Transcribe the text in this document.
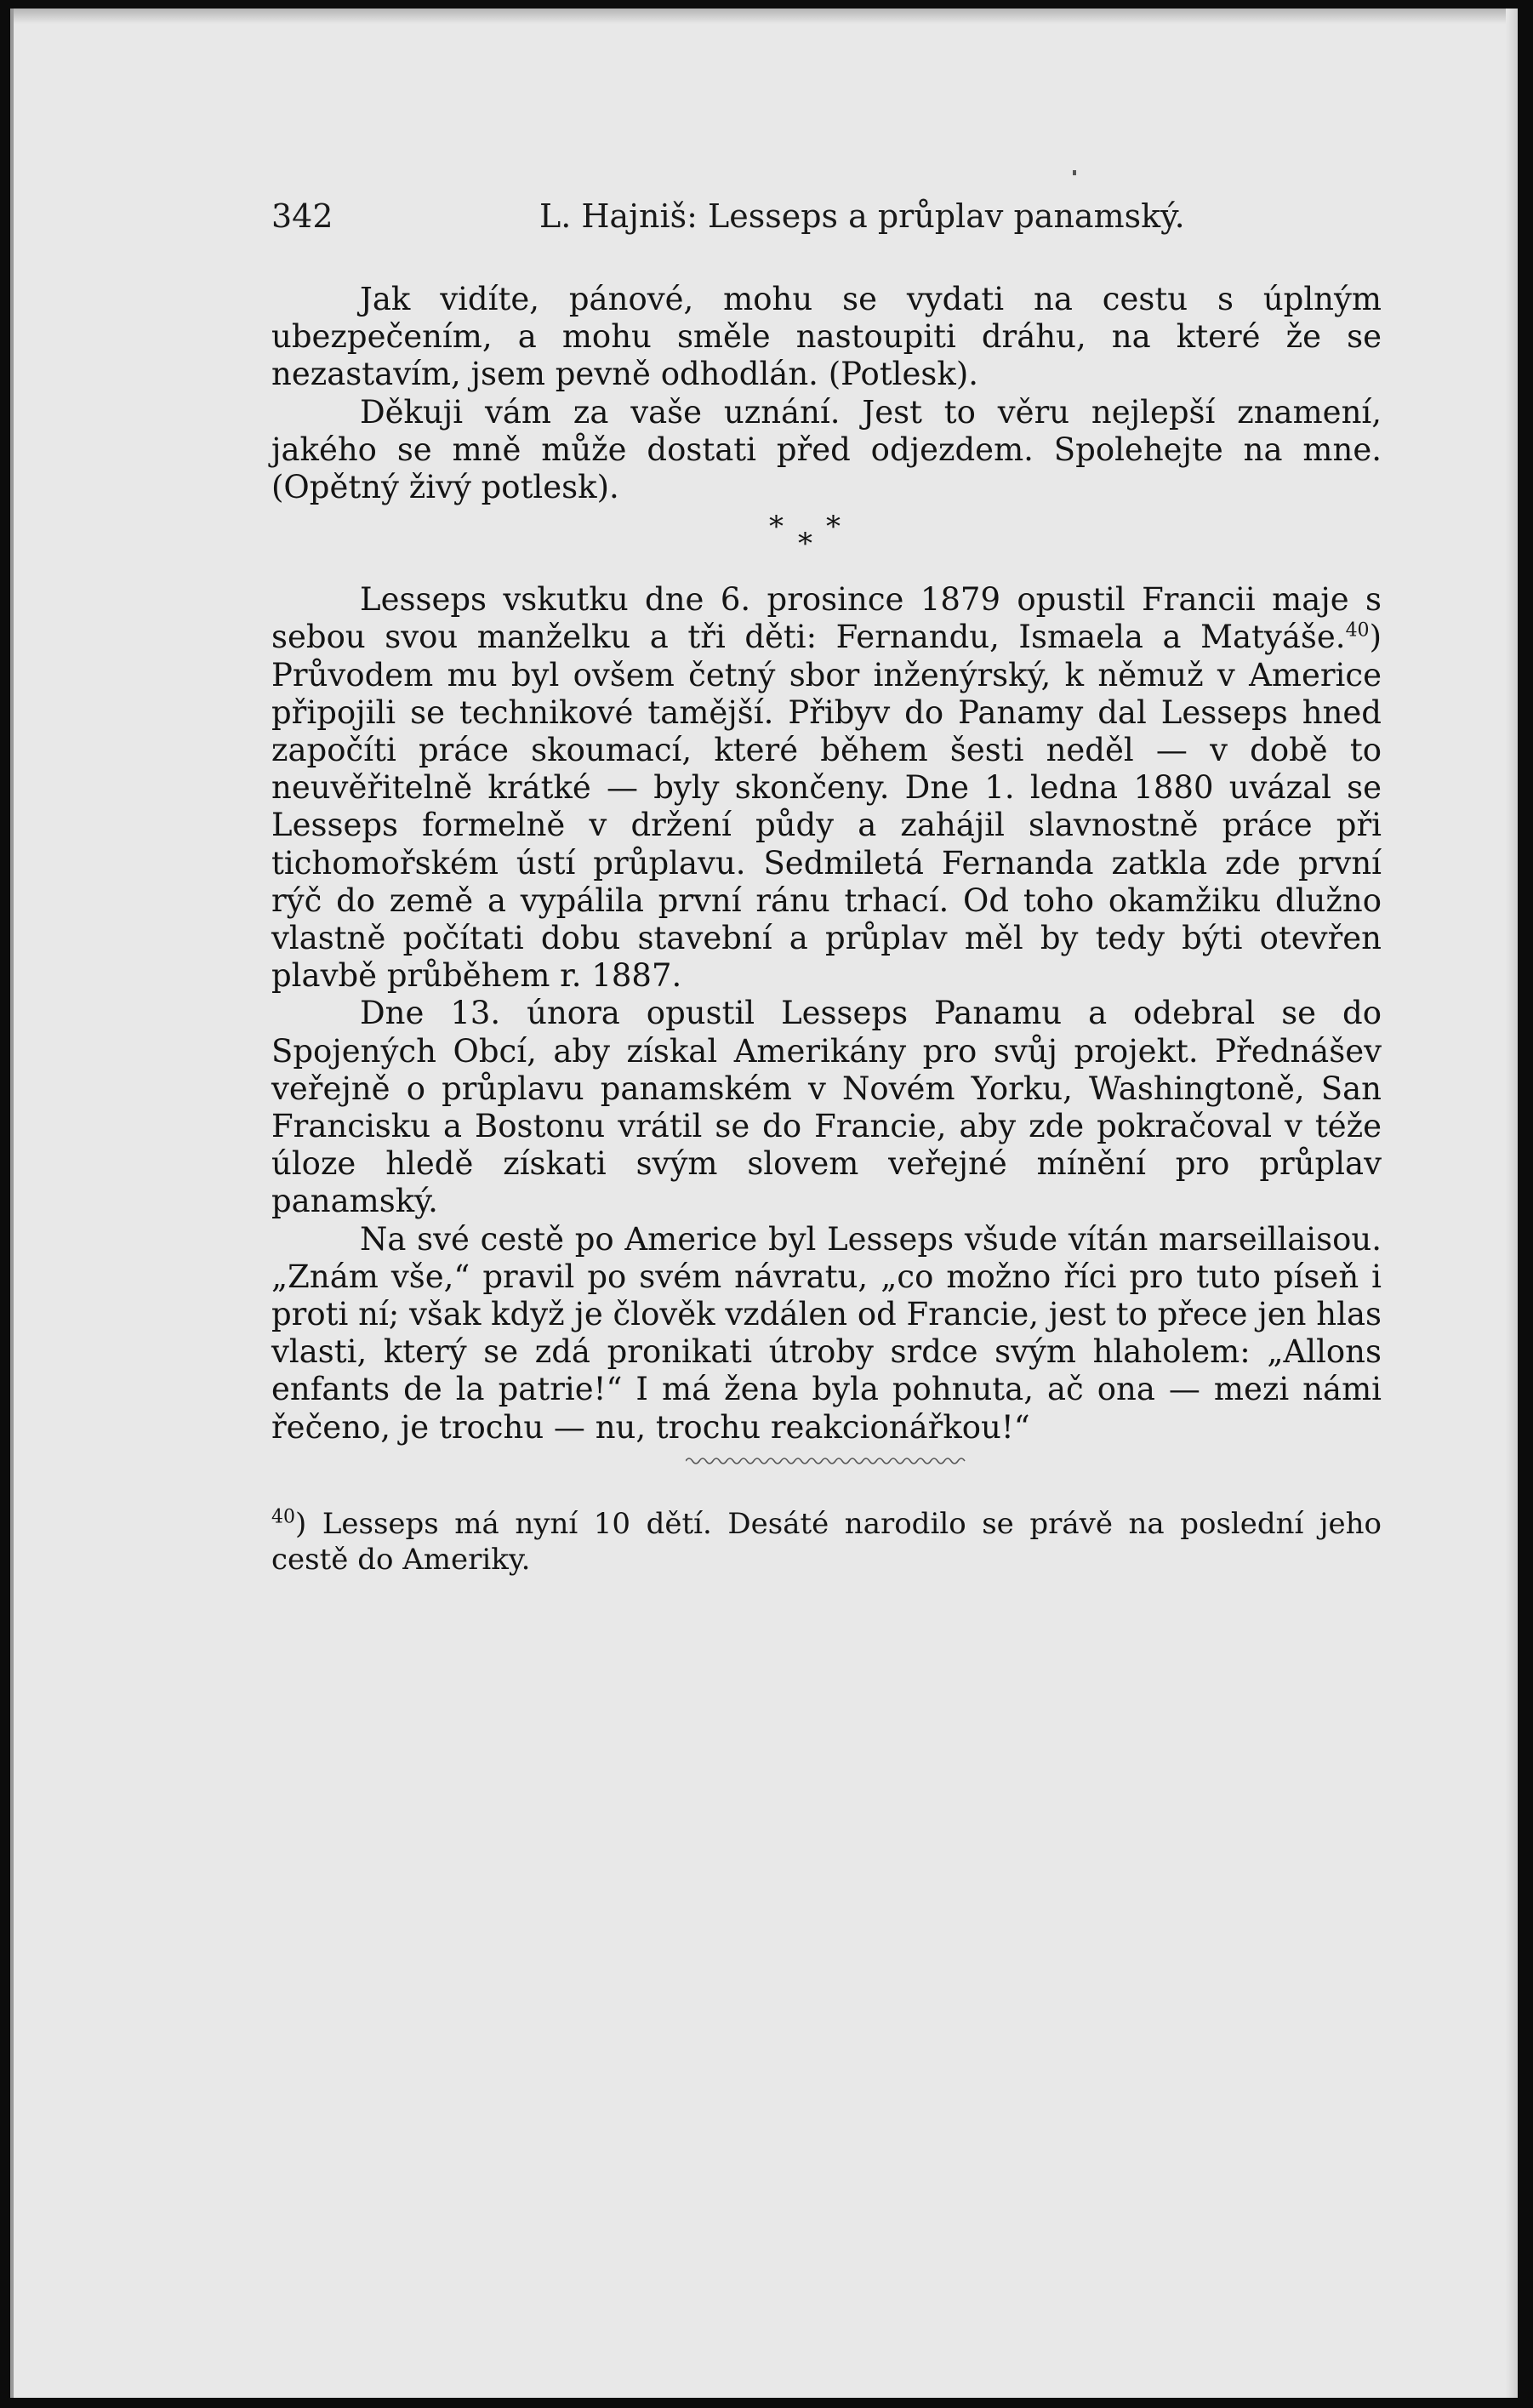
342	L. Hajniš: Lesseps a průplav panamský.

Jak vidíte, pánové, mohu se vydati na cestu s úplným ubezpečením, a mohu směle nastoupiti dráhu, na které že se nezastavím, jsem pevně odhodlán. (Potlesk).

Děkuji vám za vaše uznání. Jest to věru nejlepší znamení, jakého se mně může dostati před odjezdem. Spolehejte na mne. (Opětný živý potlesk).

* *
*

Lesseps vskutku dne 6. prosince 1879 opustil Francii maje s sebou svou manželku a tři děti: Fernandu, Ismaela a Matyáše.$^{40}$) Průvodem mu byl ovšem četný sbor inženýrský, k němuž v Americe připojili se technikové tamější. Přibyv do Panamy dal Lesseps hned započíti práce skoumací, které během šesti neděl — v době to neuvěřitelně krátké — byly skončeny. Dne 1. ledna 1880 uvázal se Lesseps formelně v držení půdy a zahájil slavnostně práce při tichomořském ústí průplavu. Sedmiletá Fernanda zatkla zde první rýč do země a vypálila první ránu trhací. Od toho okamžiku dlužno vlastně počítati dobu stavební a průplav měl by tedy býti otevřen plavbě průběhem r. 1887.

Dne 13. února opustil Lesseps Panamu a odebral se do Spojených Obcí, aby získal Amerikány pro svůj projekt. Přednášev veřejně o průplavu panamském v Novém Yorku, Washingtoně, San Francisku a Bostonu vrátil se do Francie, aby zde pokračoval v téže úloze hledě získati svým slovem veřejné mínění pro průplav panamský.

Na své cestě po Americe byl Lesseps všude vítán marseillaisou. „Znám vše,“ pravil po svém návratu, „co možno říci pro tuto píseň i proti ní; však když je člověk vzdálen od Francie, jest to přece jen hlas vlasti, který se zdá pronikati útroby srdce svým hlaholem: „Allons enfants de la patrie!“ I má žena byla pohnuta, ač ona — mezi námi řečeno, je trochu — nu, trochu reakcionářkou!“

$^{40}$) Lesseps má nyní 10 dětí. Desáté narodilo se právě na poslední jeho cestě do Ameriky.
